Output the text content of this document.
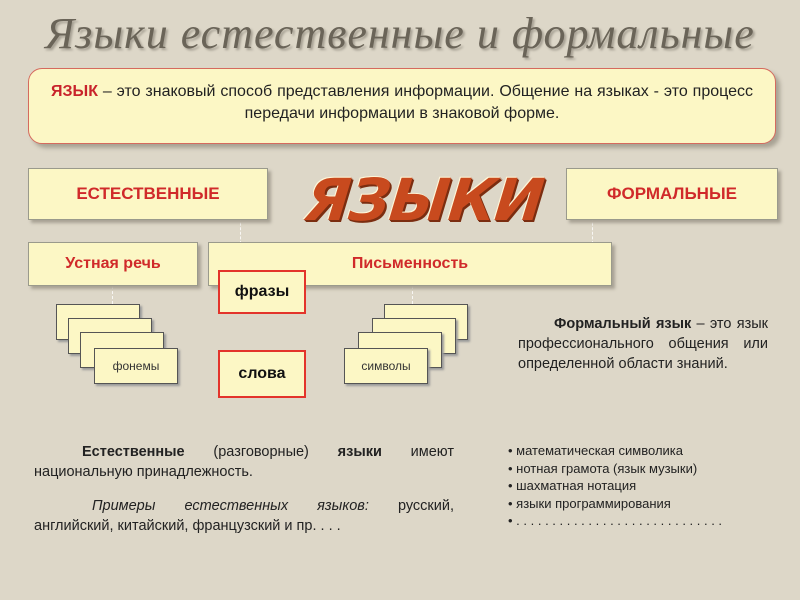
Языки естественные и формальные
ЯЗЫК – это знаковый способ представления информации. Общение на языках - это процесс передачи информации в знаковой форме.
ЕСТЕСТВЕННЫЕ	ЯЗЫКИ	ФОРМАЛЬНЫЕ
Устная речь	Письменность
фразы
слова
фонемы	символы
Формальный язык – это язык профессионального общения или определенной области знаний.
Естественные (разговорные) языки имеют национальную принадлежность.
Примеры естественных языков: русский, английский, китайский, французский и пр. . . .
• математическая символика
• нотная грамота (язык музыки)
• шахматная нотация
• языки программирования
• . . . . . . . . . . . . . . . . . . . . . . . . . . . . .
